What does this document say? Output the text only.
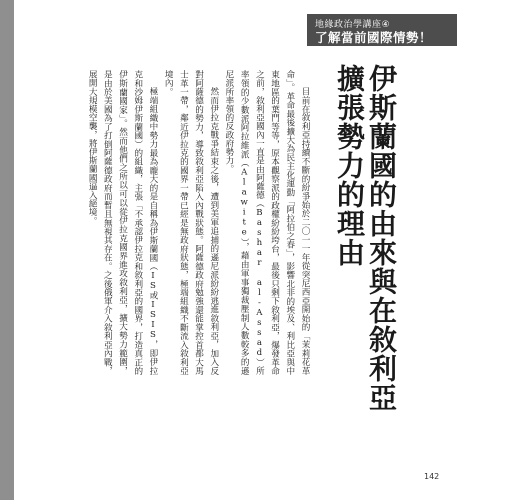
地緣政治學講座④
了解當前國際情勢！
伊斯蘭國的由來與在敘利亞
擴張勢力的理由

目前在敘利亞持續不斷的紛爭始於二〇一一年從突尼西亞開始的「茉莉花革命」。革命最後擴大為民主化運動「阿拉伯之春」，影響北非的埃及、利比亞與中東地區的葉門等等，原本觀察派的政權紛紛垮台，最後只剩下敘利亞，爆發革命之前，敘利亞國內一直是由阿薩德（Bashar al-Assad）所率領的少數派阿拉維派（Alawite），藉由軍事獨裁壓制人數較多的遜尼派所率領的反政府勢力。

然而伊拉克戰爭結束之後，遭到美軍追捕的遜尼派紛紛逃進敘利亞，加入反對阿薩德的勢力，導致敘利亞陷入內戰狀態。阿薩德政府勉強還能掌控首都大馬士革一帶，鄰近伊拉克的國界一帶已經是無政府狀態，極端組織不斷流入敘利亞境內。

極端組織中勢力最為龐大的是自稱為伊斯蘭國（IS或ISIS，即伊拉克和沙姆伊斯蘭國）的組織，主張「不承認伊拉克和敘利亞的國界，打造真正的伊斯蘭國家」。然而他們之所以可以從伊拉克國界進攻敘利亞，擴大勢力範圍，是由於美國為了打倒阿薩德政府而暫且無視其存在。之後俄軍介入敘利亞內戰，展開大規模空襲，將伊斯蘭國逼入絕境。

142
